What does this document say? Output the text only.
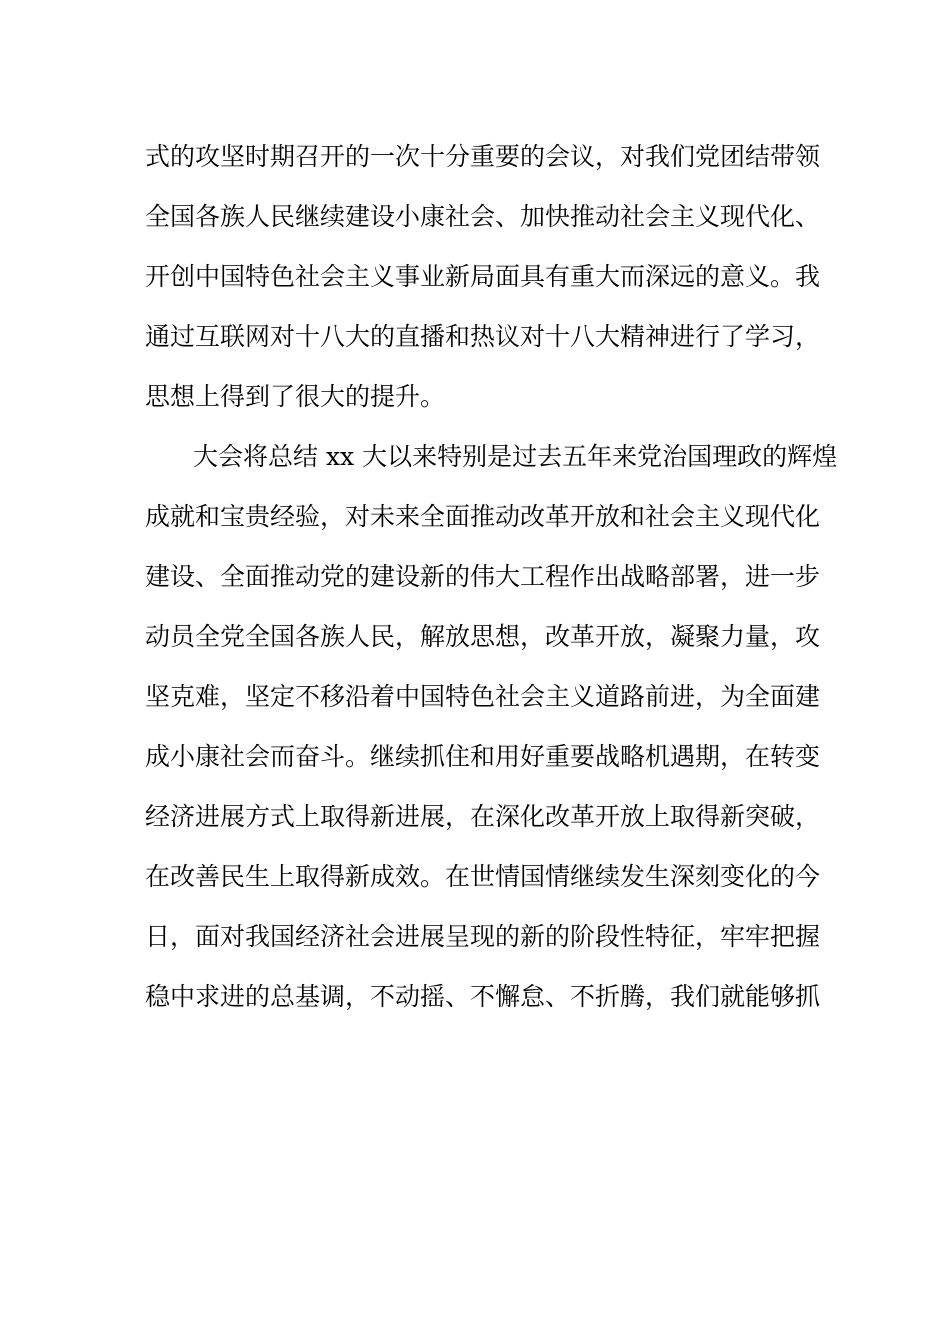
式的攻坚时期召开的一次十分重要的会议，对我们党团结带领
全国各族人民继续建设小康社会、加快推动社会主义现代化、
开创中国特色社会主义事业新局面具有重大而深远的意义。我
通过互联网对十八大的直播和热议对十八大精神进行了学习，
思想上得到了很大的提升。
大会将总结 xx 大以来特别是过去五年来党治国理政的辉煌
成就和宝贵经验，对未来全面推动改革开放和社会主义现代化
建设、全面推动党的建设新的伟大工程作出战略部署，进一步
动员全党全国各族人民，解放思想，改革开放，凝聚力量，攻
坚克难，坚定不移沿着中国特色社会主义道路前进，为全面建
成小康社会而奋斗。继续抓住和用好重要战略机遇期，在转变
经济进展方式上取得新进展，在深化改革开放上取得新突破，
在改善民生上取得新成效。在世情国情继续发生深刻变化的今
日，面对我国经济社会进展呈现的新的阶段性特征，牢牢把握
稳中求进的总基调，不动摇、不懈怠、不折腾，我们就能够抓
